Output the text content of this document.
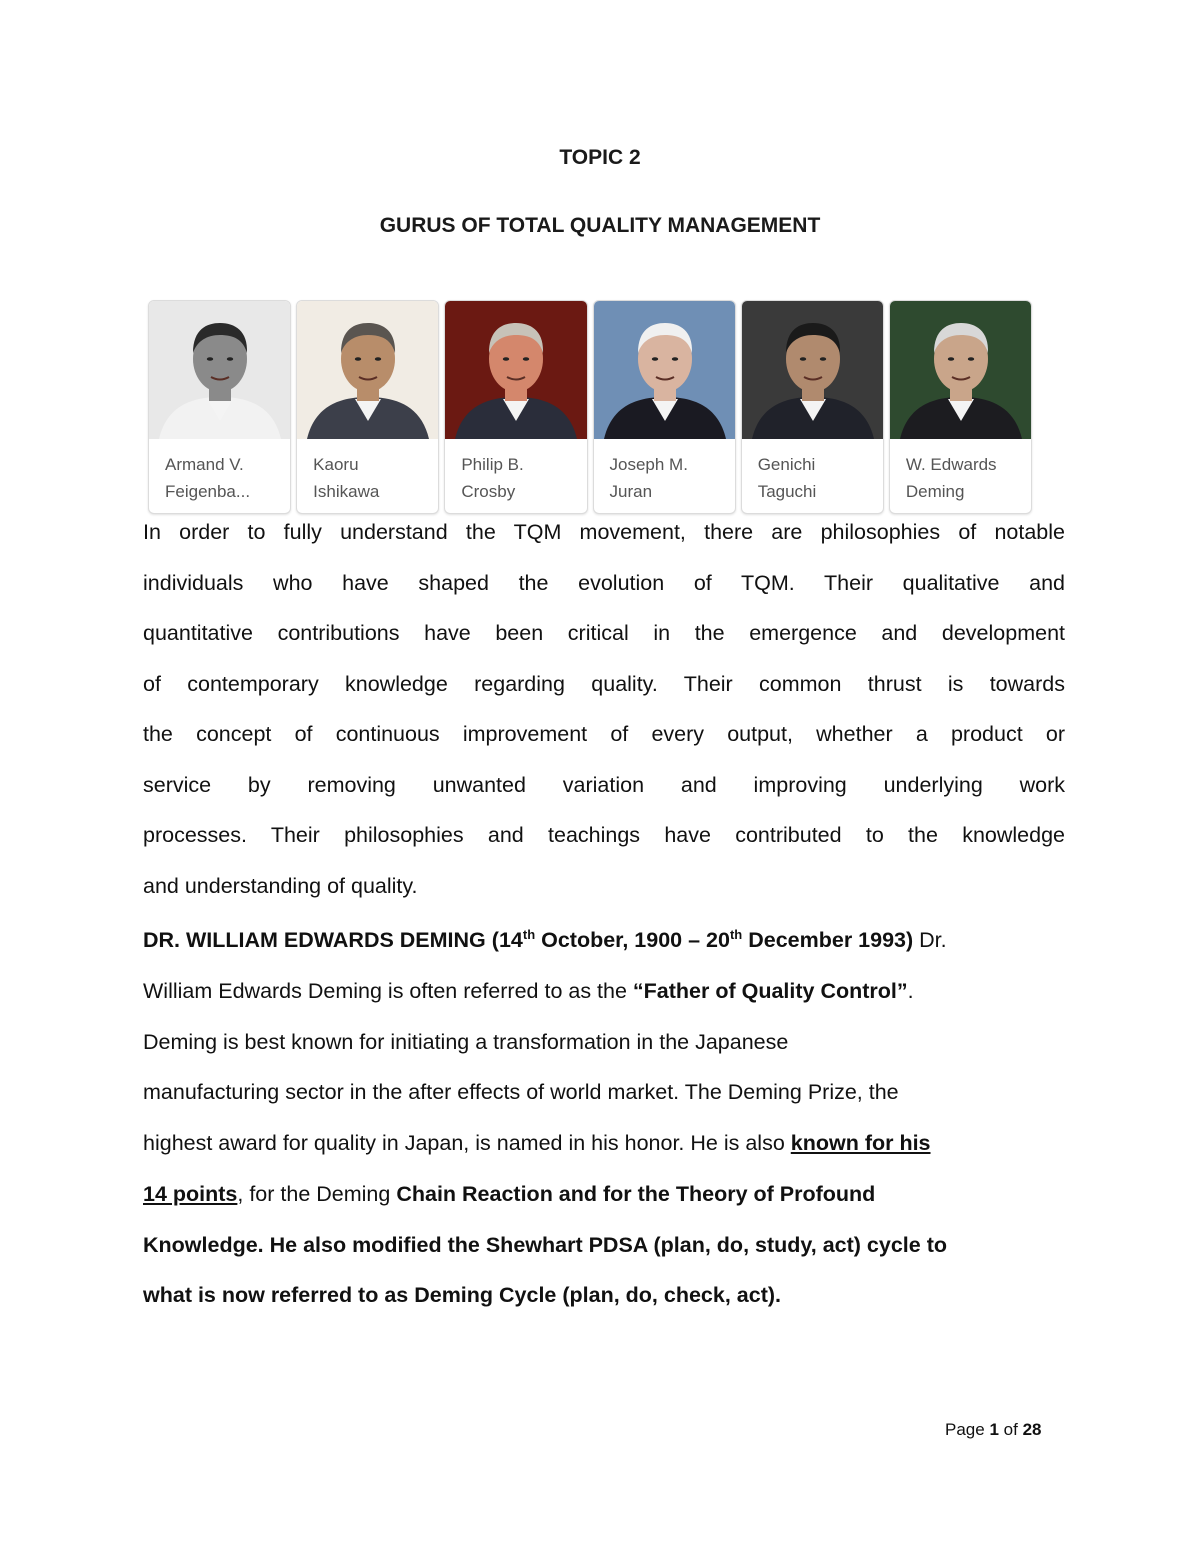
TOPIC 2
GURUS OF TOTAL QUALITY MANAGEMENT
Armand V.
Feigenba...
Kaoru
Ishikawa
Philip B.
Crosby
Joseph M.
Juran
Genichi
Taguchi
W. Edwards
Deming
In order to fully understand the TQM movement, there are philosophies of notable
individuals who have shaped the evolution of TQM. Their qualitative and
quantitative contributions have been critical in the emergence and development
of contemporary knowledge regarding quality. Their common thrust is towards
the concept of continuous improvement of every output, whether a product or
service by removing unwanted variation and improving underlying work
processes. Their philosophies and teachings have contributed to the knowledge
and understanding of quality.
DR. WILLIAM EDWARDS DEMING (14th October, 1900 – 20th December 1993) Dr.
William Edwards Deming is often referred to as the “Father of Quality Control”.
Deming is best known for initiating a transformation in the Japanese
manufacturing sector in the after effects of world market. The Deming Prize, the
highest award for quality in Japan, is named in his honor. He is also known for his
14 points, for the Deming Chain Reaction and for the Theory of Profound
Knowledge. He also modified the Shewhart PDSA (plan, do, study, act) cycle to
what is now referred to as Deming Cycle (plan, do, check, act).
Page 1 of 28
